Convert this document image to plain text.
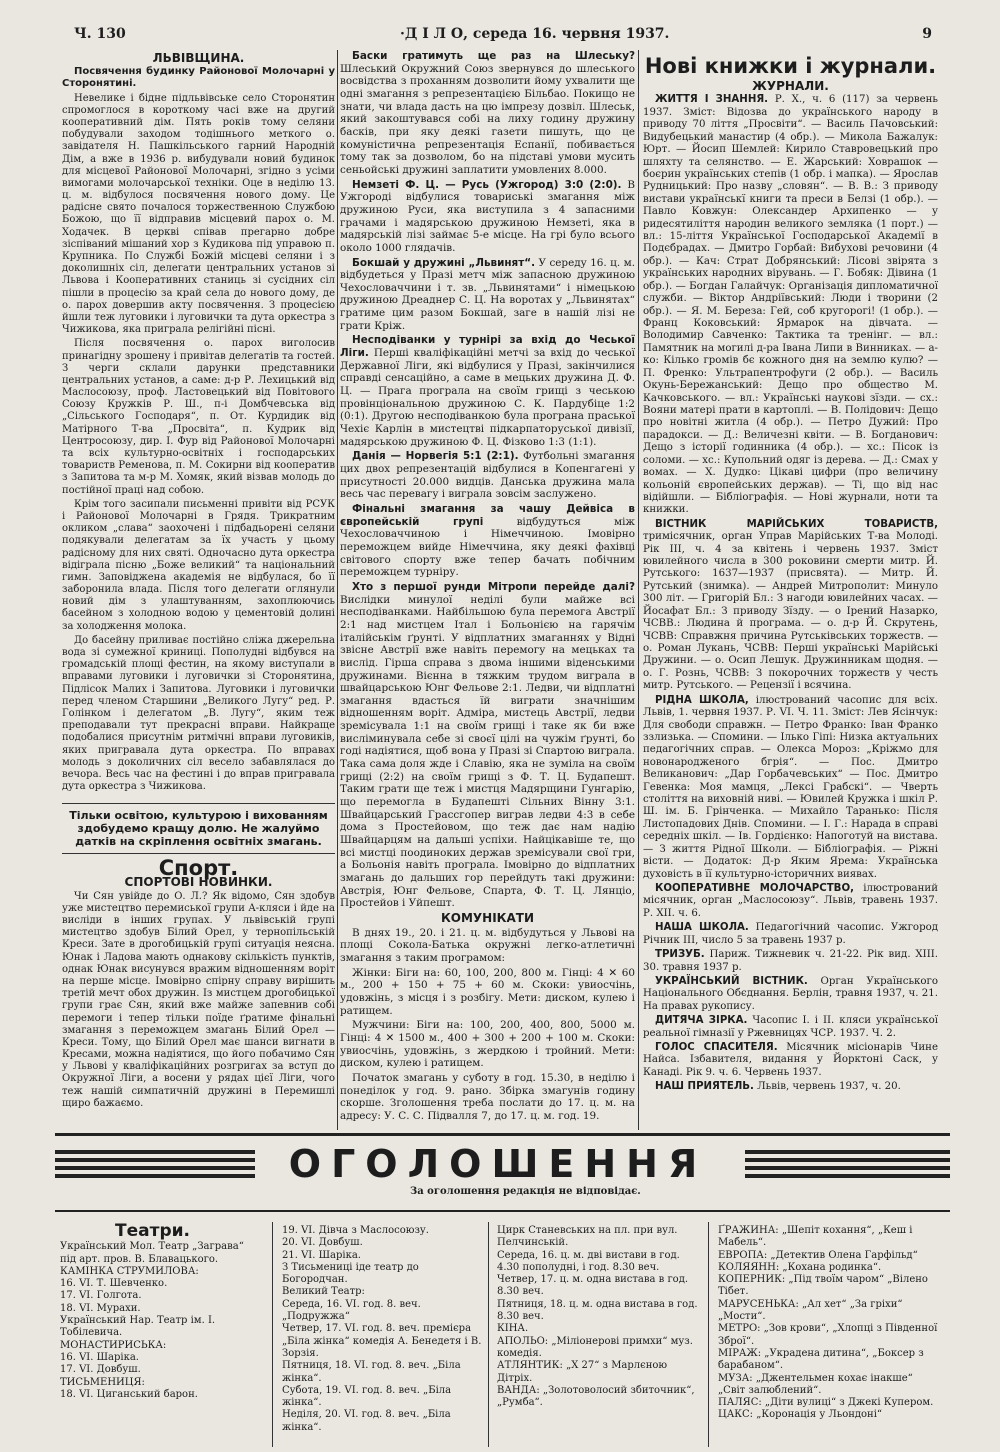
Ч. 130	·Д І Л О, середа 16. червня 1937.	9
ЛЬВІВЩИНА.

Посвячення будинку Районової Молочарні у Сторонятині.

Невелике і бідне підльвівське село Сторонятин спромоглося в короткому часі вже на другий кооперативний дім. Пять років тому селяни побудували заходом тодішнього меткого о. завідателя Н. Пашкільського гарний Народній Дім, а вже в 1936 р. вибудували новий будинок для місцевої Районової Молочарні, згідно з усіми вимогами молочарської техніки. Оце в неділю 13. ц. м. відбулося посвячення нового дому. Це радісне свято почалося торжественною Службою Божою, що її відправив місцевий парох о. М. Ходачек. В церкві співав прегарно добре зіспіваний мішаний хор з Кудикова під управою п. Крупника. По Службі Божій місцеві селяни і з доколишніх сіл, делегати центральних установ зі Львова і Кооперативних станиць зі сусідних сіл пішли в процесію за край села до нового дому, де о. парох довершив акту посвячення. З процесією йшли теж луговики і луговички та дута оркестра з Чижикова, яка приграла релігійні пісні.

Після посвячення о. парох виголосив принагідну зрошену і привітав делегатів та гостей. З черги склали дарунки представники центральних установ, а саме: д-р Р. Лехицький від Маслосоюзу, проф. Ластовецький від Повітового Союзу Кружків Р. Ш., п-і Домбчевська від „Сільського Господаря“, п. От. Курдидик від Матірного Т-ва „Просвіта“, п. Кудрик від Центросоюзу, дир. І. Фур від Районової Молочарні та всіх культурно-освітніх і господарських товариств Ременова, п. М. Сокирни від кооператив з Запитова та м-р М. Хомяк, який візвав молодь до постійної праці над собою.

Крім того засипали письменні привіти від РСУК і Районової Молочарні в Грядя. Трикратним окликом „слава“ заохочені і підбадьорені селяни подякували делегатам за їх участь у цьому радісному для них святі. Одночасно дута оркестра відіграла пісню „Боже великий“ та національний гимн. Заповіджена академія не відбулася, бо її заборонила влада. Після того делегати оглянули новий дім з улаштуванням, захоплюючись басейном з холодною водою у цементовій долині за холодження молока.

До басейну приливає постійно сліжа джерельна вода зі сумежної криниці. Пополудні відбувся на громадській площі фестин, на якому виступали в вправами луговики і луговички зі Сторонятина, Підлісок Малих і Запитова. Луговики і луговички перед членом Старшини „Великого Лугу“ ред. Р. Голінком і делегатом „В. Лугу“, яким теж преподавали тут прекрасні вправи. Найкраще подобалися присутнім ритмічні вправи луговиків, яких пригравала дута оркестра. По вправах молодь з доколичних сіл весело забавлялася до вечора. Весь час на фестині і до вправ пригравала дута оркестра з Чижикова.

Тільки освітою, культурою і вихованням здобудемо кращу долю. Не жалуймо датків на скріплення освітніх змагань.
Спорт.
СПОРТОВІ НОВИНКИ.

Чи Сян увійде до О. Л.? Як відомо, Сян здобув уже мистецтво перемиської групи А-кляси і йде на висліди в інших групах. У львівській групі мистецтво здобув Білий Орел, у тернопільській Креси. Зате в дрогобицькій групі ситуація неясна. Юнак і Ладова мають однакову скількість пунктів, однак Юнак висунувся вражим відношенням воріт на перше місце. Імовірно спірну справу вирішить третій мечт обох дружин. Із мистцем дрогобицької групи грає Сян, який вже майже запевнив собі перемоги і тепер тільки поїде ґратиме фінальні змагання з переможцем змагань Білий Орел — Креси. Тому, що Білий Орел має шанси вигнати в Кресами, можна надіятися, що його побачимо Сян у Львові у кваліфікаційних розгригах за вступ до Окружної Ліги, а восени у рядах цієї Ліги, чого теж нашій симпатичній дружині в Перемишлі щиро бажаємо.

Баски гратимуть ще раз на Шлеську? Шлеський Окружний Союз звернувся до шлеського восвідства з проханням дозволити йому ухвалити ще одні змагання з репрезентацією Більбао. Покищо не знати, чи влада дасть на цю імпрезу дозвіл. Шлеськ, який закоштувався собі на лиху годину дружину басків, при яку деякі газети пишуть, що це комуністична репрезентація Еспанії, побивається тому так за дозволом, бо на підставі умови мусить сеньойські дружині заплатити умовлених 8.000.

Немзеті Ф. Ц. — Русь (Ужгород) 3:0 (2:0). В Ужгороді відбулися товариські змагання між дружиною Руси, яка виступила з 4 запасними грачами і мадярською дружиною Немзеті, яка в мадярській лізі займає 5-е місце. На грі було всього около 1000 глядачів.

Бокшай у дружині „Львинят“. У середу 16. ц. м. відбудеться у Празі метч між запасною дружиною Чехословаччини і т. зв. „Львинятами“ і німецькою дружиною Дреаднер С. Ц. На воротах у „Львинятах“ гратиме цим разом Бокшай, заге в нашій лізі не грати Кріж.

Несподіванки у турнірі за вхід до Чеської Ліги. Перші кваліфікаційні метчі за вхід до чеської Державної Ліги, які відбулися у Празі, закінчилися справді сенсаційно, а саме в мецьких дружина Д. Ф. Ц. — Прага програла на своїм грищі з чеською провінціональною дружиною С. К. Пардубіце 1:2 (0:1). Другою несподіванкою була програна праської Чехіє Карлін в мистецтві підкарпаторуської дивізії, мадярською дружиною Ф. Ц. Фізково 1:3 (1:1).

Данія — Норвегія 5:1 (2:1). Футбольні змагання цих двох репрезентацій відбулися в Копенгагені у присутності 20.000 видців. Данська дружина мала весь час перевагу і виграла зовсім заслужено.

Фінальні змагання за чашу Дейвіса в європейській групі	відбудуться між Чехословаччиною і Німеччиною. Імовірно переможцем вийде Німеччина, яку деякі фахівці світового спорту вже тепер бачать побічним переможцем турніру.

Хто з першої рунди Мітропи перейде далі? Вислідки минулої неділі були майже всі несподіванками. Найбільшою була перемога Австрії 2:1 над мистцем Італ і Больонією на гарячім італійськім ґрунті. У відплатних змаганнях у Відні звісне Австрії вже навіть перемогу на мецьках та вислід. Гірша справа з двома іншими віденськими дружинами. Вієнна в тяжким трудом виграла в швайцарською Юнг Фельове 2:1. Ледви, чи відплатні змагання вдасться їй виграти значнішим відношенням воріт. Адміра, мистець Австрії, ледви зремісувала 1:1 на своїм грищі і таке як би вже висліминувала себе зі своєї цілі на чужім ґрунті, бо годі надіятися, щоб вона у Празі зі Спартою виграла. Така сама доля жде і Славію, яка не зуміла на своїм грищі (2:2) на своїм грищі з Ф. Т. Ц. Будапешт. Таким грати ще теж і мистця Мадярщини Гунгарію, що перемогла в Будапешті Сільних Вінну 3:1. Швайцарський Грассгопер виграв ледви 4:3 в себе дома з Простейовом, що теж дає нам надію Швайцарцям на дальші успіхи. Найцікавіше те, що всі мистці поодиноких держав зремісували свої гри, а Больонія навіть програла. Імовірно до відплатних змагань до дальших гор перейдуть такі дружини: Австрія, Юнг Фельове, Спарта, Ф. Т. Ц. Лянціо, Простейов і Уйпешт.

КОМУНІКАТИ

В днях 19., 20. і 21. ц. м. відбудуться у Львові на площі Сокола-Батька окружні легко-атлетичні змагання з таким програмом:

Жінки: Біги на: 60, 100, 200, 800 м. Гінці: 4 ✕ 60 м., 200 + 150 + 75 + 60 м. Скоки: увиосчінь, удовжінь, з місця і з розбігу. Мети: диском, кулею і ратищем.

Мужчини: Біги на: 100, 200, 400, 800, 5000 м. Гінці: 4 ✕ 1500 м., 400 + 300 + 200 + 100 м. Скоки: увиосчінь, удовжінь, з жердкою і тройний. Мети: диском, кулею і ратищем.

Початок змагань у суботу в год. 15.30, в неділю і понеділок у год. 9. рано. Збірка змагунів годину скорше. Зголошення треба послати до 17. ц. м. на адресу: У. С. С. Підвалля 7, до 17. ц. м. год. 19.

Нові книжки і журнали.
ЖУРНАЛИ.

ЖИТТЯ І ЗНАННЯ. Р. Х., ч. 6 (117) за червень 1937. Зміст: Відозва до українського народу в приводу 70 ліття „Просвіти“. — Василь Пачовський: Видубецький манастир (4 обр.). — Микола Бажалук: Юрт. — Йосип Шемлей: Кирило Ставровецький про шляхту та селянство. — Е. Жарський: Ховрашок — боєрин українських степів (1 обр. і мапка). — Ярослав Рудницький: Про назву „словян“. — В. В.: З приводу вистави українськї книги та преси в Белзі (1 обр.). — Павло Ковжун: Олександер Архипенко — у ридесятиліття народин великого земляка (1 порт.) — вл.: 15-ліття Української Господарської Академії в Подєбрадах. — Дмитро Горбай: Вибухові речовини (4 обр.). — Кач: Страт Добрянський: Лісові звірята з українських народних вірувань. — Г. Бобяк: Дівина (1 обр.). — Богдан Галайчук: Організація дипломатичної служби. — Віктор Андріївський: Люди і творини (2 обр.). — Я. М. Береза: Гей, соб кругорогі! (1 обр.). — Франц Коковський: Ярмарок на дівчата. — Володимир Савченко: Тактика та тренінг. — вл.: Памятник на могилі д-ра Івана Липи в Винниках. — а-ко: Кілько громів бє кожного дня на землю кулю? — П. Френко: Ультрапентрофуги (2 обр.). — Василь Окунь-Бережанський: Дещо про общество М. Качковського. — вл.: Українські наукові зїзди. — сх.: Вояни матері прати в картоплі. — В. Полідович: Дещо про новітні житла (4 обр.). — Петро Дужий: Про парадокси. — Д.: Величезні квіти. — В. Богданович: Дещо з історії годинника (4 обр.). — хс.: Пісок із соломи. — хс.: Купольний одяг із дерева. — Д.: Смах у вомах. — Х. Дудко: Цікаві цифри (про величину кольоній європейських держав). — Ті, що від нас відійшли. — Бібліографія. — Нові журнали, ноти та книжки.

ВІСТНИК МАРІЙСЬКИХ ТОВАРИСТВ, тримісячник, орган Управ Марійських Т-ва Молоді. Рік III, ч. 4 за квітень і червень 1937. Зміст ювилейного числа в 300 роковини смерти митр. Й. Рутського: 1637—1937 (присвята). — Митр. Й. Рутський (знимка). — Андрей Митрополит: Минуло 300 літ. — Григорій Бл.: З нагоди ювилейних часах. — Йосафат Бл.: З приводу Зїзду. — о Ірений Назарко, ЧСВВ.: Людина й програма. — о. д-р Й. Скрутень, ЧСВВ: Справжня причина Рутськівських торжеств. — о. Роман Лукань, ЧСВВ: Перші українські Марійські Дружини. — о. Осип Лешук. Дружинникам щодня. — о. Г. Рознь, ЧСВВ: З покорочних торжеств у честь митр. Рутського. — Рецензії і всячина.

РІДНА ШКОЛА, ілюстрований часопис для всіх. Львів, 1. червня 1937. Р. VI. Ч. 11. Зміст: Лев Ясінчук: Для свободи справжн. — Петро Франко: Іван Франко ззлизька. — Спомини. — Ілько Гіпі: Низка актуальних педагогічних справ. — Олекса Мороз: „Кріжмо для новонародженого бгрія“. — Пос. Дмитро Великанович: „Дар Горбачевських“ — Пос. Дмитро Гевенка: Моя мамця, „Лексі Грабскі“. — Чверть століття на виховній ниві. — Ювилей Кружка і шкіл Р. Ш. ім. Б. Грінченка. — Михайло Таранько: Після Листопадових Днів. Спомини. — І. Г.: Нарада в справі середніх шкіл. — Ів. Гордієнко: Напоготуй на вистава. — З життя Рідної Школи. — Бібліографія. — Ріжні вісти. — Додаток: Д-р Яким Ярема: Українська духовість в її культурно-історичних виявах.

КООПЕРАТИВНЕ МОЛОЧАРСТВО, ілюстрований місячник, орган „Маслосоюзу“. Львів, травень 1937. Р. XII. ч. 6.

НАША ШКОЛА. Педагогічний часопис. Ужгород Річник III, число 5 за травень 1937 р.

ТРИЗУБ. Париж. Тижневик ч. 21-22. Рік вид. XIII. 30. травня 1937 р.

УКРАЇНСЬКИЙ ВІСТНИК. Орган Українського Національного Обєднання. Берлін, травня 1937, ч. 21. На правах рукопису.

ДИТЯЧА ЗІРКА. Часопис І. і ІІ. кляси української реальної гімназії у Ржевницях ЧСР. 1937. Ч. 2.

ГОЛОС СПАСИТЕЛЯ. Місячник місіонарів Чине Найса. Ізбавителя, видання у Йорктоні Саск, у Канаді. Рік 9. ч. 6. Червень 1937.

НАШ ПРИЯТЕЛЬ. Львів, червень 1937, ч. 20.

ОГОЛОШЕННЯ
За оголошення редакція не відповідає.
Театри.
Український Мол. Театр „Заграва“
під арт. пров. В. Блавацького.
КАМІНКА СТРУМИЛОВА:
16. VI. Т. Шевченко.
17. VI. Голгота.
18. VI. Мурахи.
Український Нар. Театр ім. І. Тобілевича.
МОНАСТИРИСЬКА:
16. VI. Шаріка.
17. VI. Довбуш.
ТИСЬМЕНИЦЯ:
18. VI. Циганський барон.
19. VI. Дівча з Маслосоюзу.
20. VI. Довбуш.
21. VI. Шаріка.
З Тисьмениці іде театр до Богородчан.
Великий Театр:
Середа, 16. VI. год. 8. веч. „Подружжа“
Четвер, 17. VI. год. 8. веч. премієра „Біла жінка“ комедія А. Бенедетя і В. Зорзія.
Пятниця, 18. VI. год. 8. веч. „Біла жінка“.
Субота, 19. VI. год. 8. веч. „Біла жінка“.
Неділя, 20. VI. год. 8. веч. „Біла жінка“.
Цирк Станевських на пл. при вул. Пелчинській.
Середа, 16. ц. м. дві вистави в год. 4.30 пополудні, і год. 8.30 веч.
Четвер, 17. ц. м. одна вистава в год. 8.30 веч.
Пятниця, 18. ц. м. одна вистава в год. 8.30 веч.
КІНА.
АПОЛЬО: „Міліонерові примхи“ муз. комедія.
АТЛЯНТИК: „Х 27“ з Марлєною Дітріх.
ВАНДА: „Золотоволосий збиточник“, „Румба“.
ҐРАЖИНА: „Шепіт кохання“, „Кеш і Мабель“.
ЕВРОПА: „Детектив Олена Гарфільд“
КОЛЯЯНН: „Кохана родинка“.
КОПЕРНИК: „Під твоїм чаром“ „Вілено Тібет.
МАРУСЕНЬКА: „Ал хет“ „За гріхи“ „Мости“.
МЕТРО: „Зов крови“, „Хлопці з Південної Зброї“.
МІРАЖ: „Украдена дитина“, „Боксер з барабаном“.
МУЗА: „Джентельмен кохає інакше“ „Світ залюблений“.
ПАЛЯС: „Діти вулиці“ з Джекі Купером.
ЦАКС: „Коронація у Льондоні“
